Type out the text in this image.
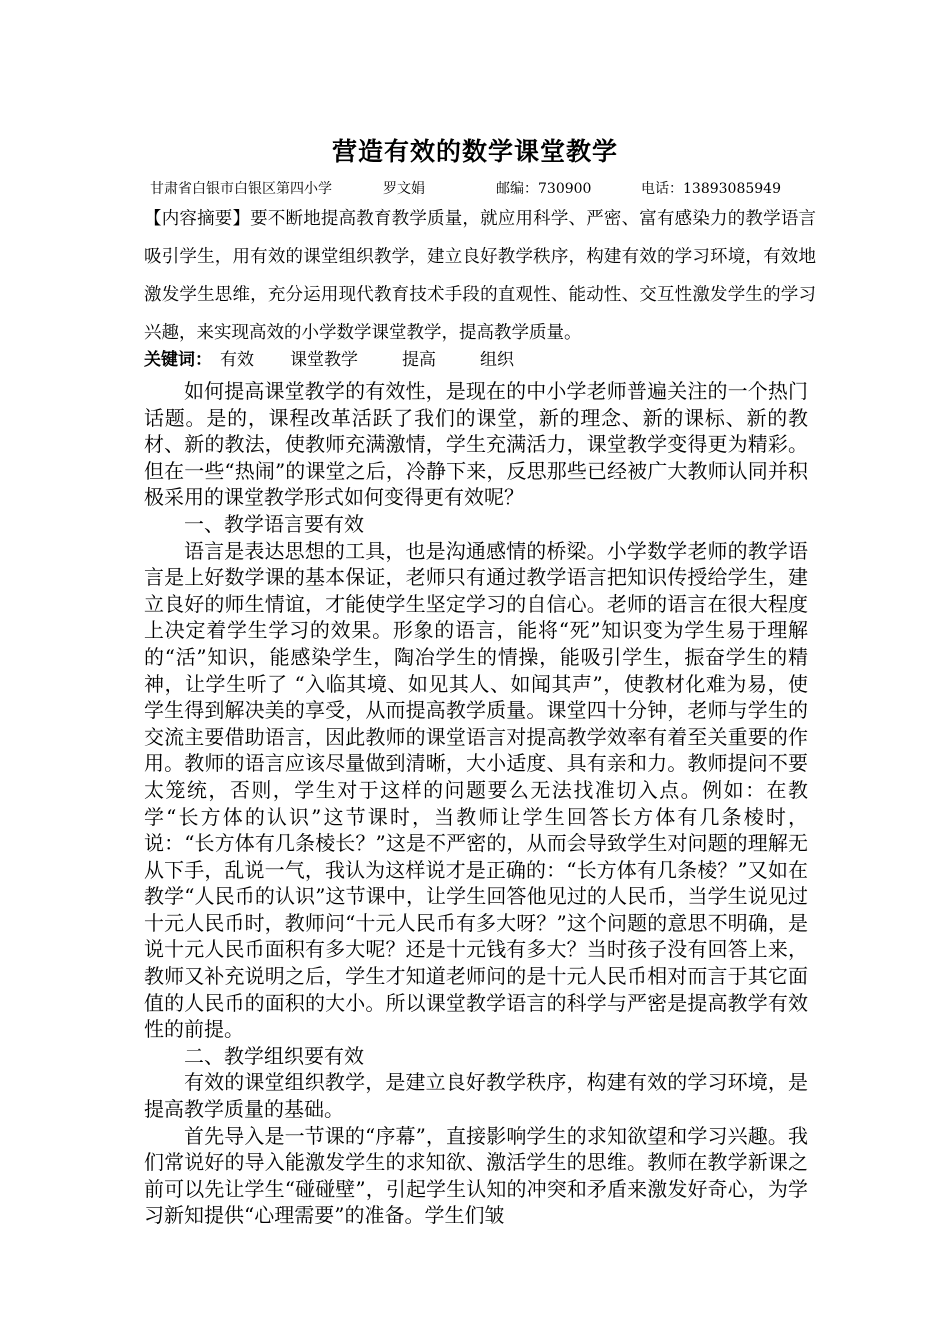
营造有效的数学课堂教学
甘肃省白银市白银区第四小学	罗文娟	邮编：730900	电话：13893085949
【内容摘要】要不断地提高教育教学质量，就应用科学、严密、富有感染力的教学语言吸引学生，用有效的课堂组织教学，建立良好教学秩序，构建有效的学习环境，有效地激发学生思维，充分运用现代教育技术手段的直观性、能动性、交互性激发学生的学习兴趣，来实现高效的小学数学课堂教学，提高教学质量。
关键词： 有效 课堂教学	提高	组织

如何提高课堂教学的有效性，是现在的中小学老师普遍关注的一个热门话题。是的，课程改革活跃了我们的课堂，新的理念、新的课标、新的教材、新的教法，使教师充满激情，学生充满活力，课堂教学变得更为精彩。但在一些“热闹”的课堂之后，冷静下来，反思那些已经被广大教师认同并积极采用的课堂教学形式如何变得更有效呢？

一、教学语言要有效

语言是表达思想的工具，也是沟通感情的桥梁。小学数学老师的教学语言是上好数学课的基本保证，老师只有通过教学语言把知识传授给学生，建立良好的师生情谊，才能使学生坚定学习的自信心。老师的语言在很大程度上决定着学生学习的效果。形象的语言，能将“死”知识变为学生易于理解的“活”知识，能感染学生，陶冶学生的情操，能吸引学生，振奋学生的精神，让学生听了 “入临其境、如见其人、如闻其声”，使教材化难为易，使学生得到解决美的享受，从而提高教学质量。课堂四十分钟，老师与学生的交流主要借助语言，因此教师的课堂语言对提高教学效率有着至关重要的作用。教师的语言应该尽量做到清晰，大小适度、具有亲和力。教师提问不要太笼统，否则，学生对于这样的问题要么无法找准切入点。例如：在教学“长方体的认识”这节课时，当教师让学生回答长方体有几条棱时，说：“长方体有几条棱长？”这是不严密的，从而会导致学生对问题的理解无从下手，乱说一气，我认为这样说才是正确的：“长方体有几条棱？”又如在教学“人民币的认识”这节课中，让学生回答他见过的人民币，当学生说见过十元人民币时，教师问“十元人民币有多大呀？”这个问题的意思不明确，是说十元人民币面积有多大呢？还是十元钱有多大？当时孩子没有回答上来，教师又补充说明之后，学生才知道老师问的是十元人民币相对而言于其它面值的人民币的面积的大小。所以课堂教学语言的科学与严密是提高教学有效性的前提。

二、教学组织要有效

有效的课堂组织教学，是建立良好教学秩序，构建有效的学习环境，是提高教学质量的基础。

首先导入是一节课的“序幕”，直接影响学生的求知欲望和学习兴趣。我们常说好的导入能激发学生的求知欲、激活学生的思维。教师在教学新课之前可以先让学生“碰碰壁”，引起学生认知的冲突和矛盾来激发好奇心，为学习新知提供“心理需要”的准备。学生们皱
